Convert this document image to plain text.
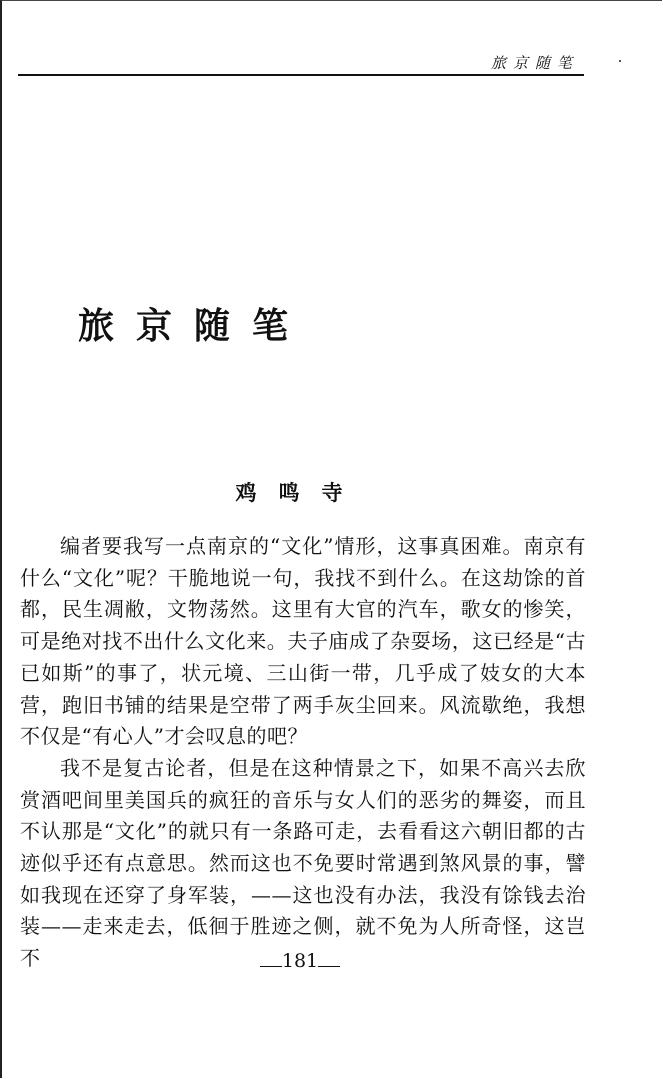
旅京随笔
旅京随笔
鸡鸣寺

编者要我写一点南京的“文化”情形，这事真困难。南京有什么“文化”呢？干脆地说一句，我找不到什么。在这劫馀的首都，民生凋敝，文物荡然。这里有大官的汽车，歌女的惨笑，可是绝对找不出什么文化来。夫子庙成了杂耍场，这已经是“古已如斯”的事了，状元境、三山街一带，几乎成了妓女的大本营，跑旧书铺的结果是空带了两手灰尘回来。风流歇绝，我想不仅是“有心人”才会叹息的吧？

我不是复古论者，但是在这种情景之下，如果不高兴去欣赏酒吧间里美国兵的疯狂的音乐与女人们的恶劣的舞姿，而且不认那是“文化”的就只有一条路可走，去看看这六朝旧都的古迹似乎还有点意思。然而这也不免要时常遇到煞风景的事，譬如我现在还穿了身军装，——这也没有办法，我没有馀钱去治装——走来走去，低徊于胜迹之侧，就不免为人所奇怪，这岂不	181
